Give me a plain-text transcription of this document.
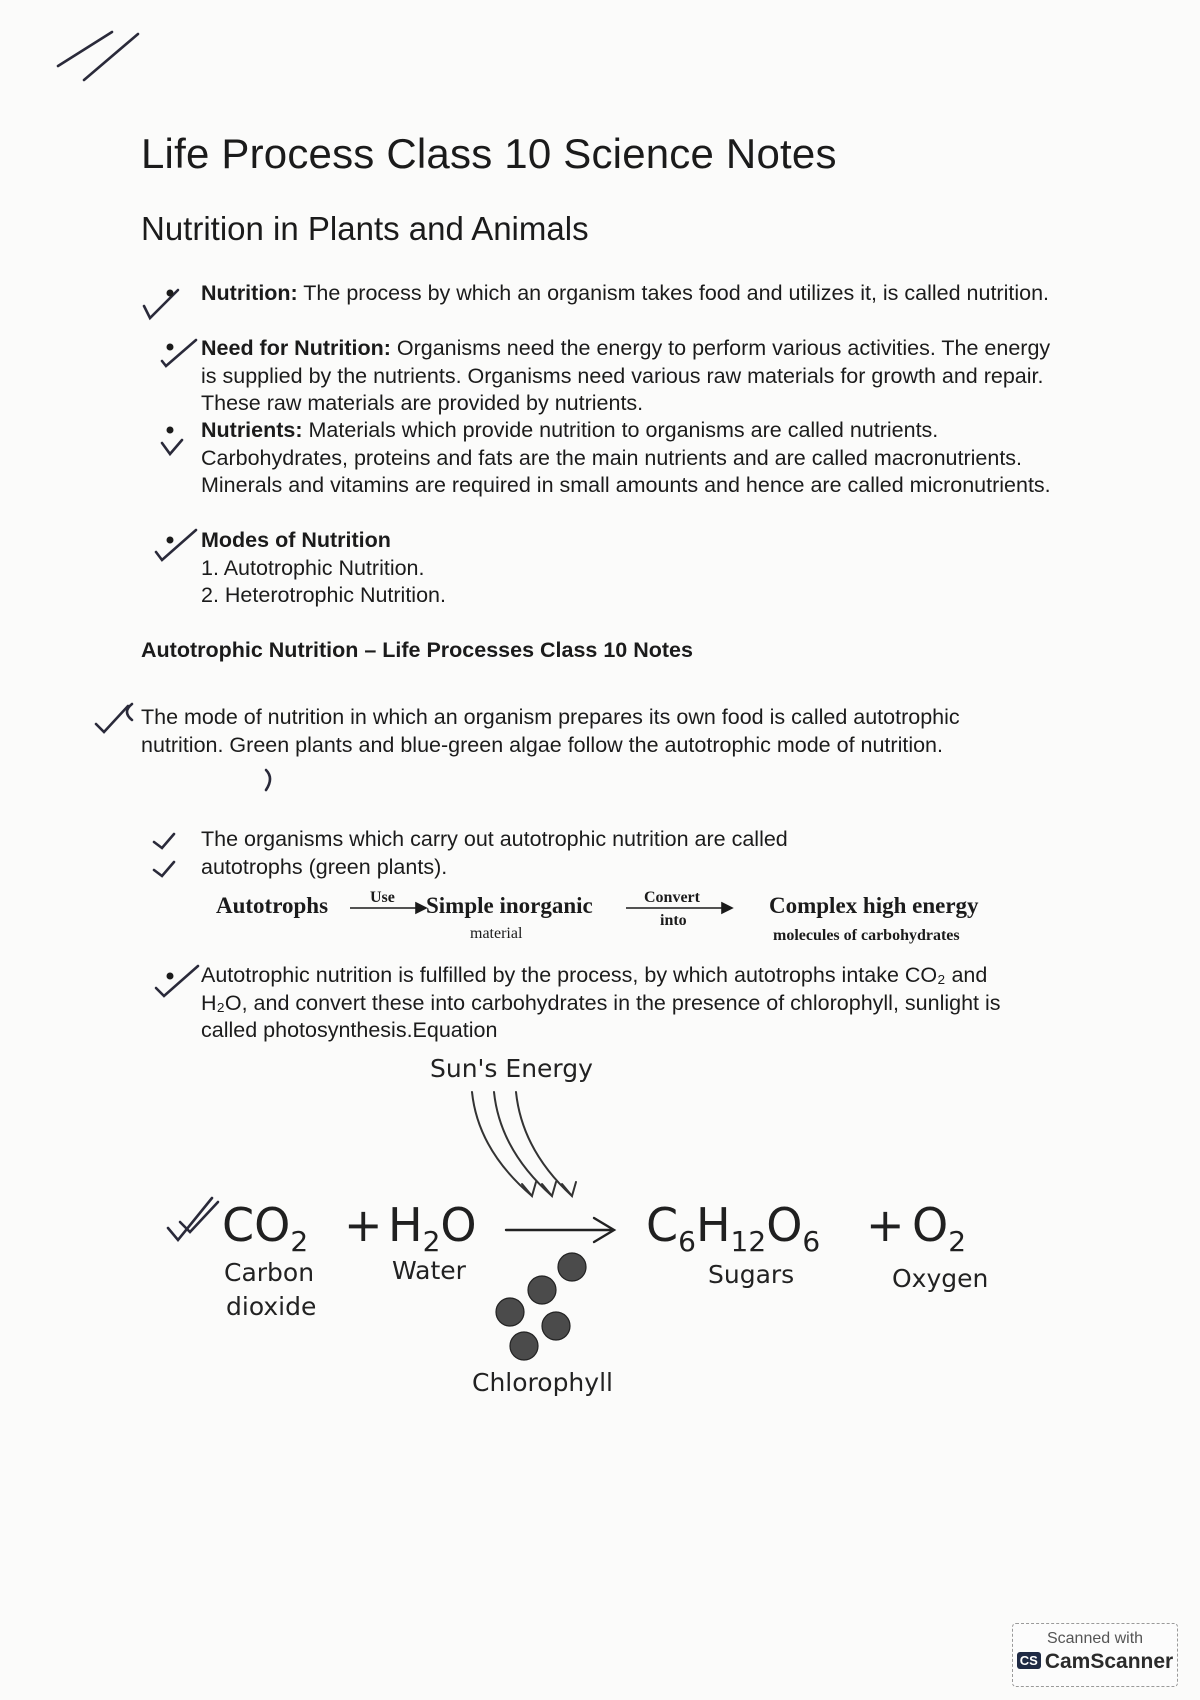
Life Process Class 10 Science Notes
Nutrition in Plants and Animals
Nutrition: The process by which an organism takes food and utilizes it, is called nutrition.
Need for Nutrition: Organisms need the energy to perform various activities. The energy is supplied by the nutrients. Organisms need various raw materials for growth and repair. These raw materials are provided by nutrients.
Nutrients: Materials which provide nutrition to organisms are called nutrients. Carbohydrates, proteins and fats are the main nutrients and are called macronutrients. Minerals and vitamins are required in small amounts and hence are called micronutrients.
Modes of Nutrition
1. Autotrophic Nutrition.
2. Heterotrophic Nutrition.
Autotrophic Nutrition – Life Processes Class 10 Notes
The mode of nutrition in which an organism prepares its own food is called autotrophic nutrition. Green plants and blue-green algae follow the autotrophic mode of nutrition.
The organisms which carry out autotrophic nutrition are called autotrophs (green plants).
Autotrophs	Use Simple inorganic
material
Convert
into
Complex high energy
molecules of carbohydrates
Autotrophic nutrition is fulfilled by the process, by which autotrophs intake CO₂ and H₂O, and convert these into carbohydrates in the presence of chlorophyll, sunlight is called photosynthesis.Equation
Sun's Energy
$CO_2 + H_2O$	$C_6H_{12}O_6 + O_2$
Carbon
dioxide
Water	Sugars	Oxygen
Chlorophyll
Scanned with
CS CamScanner
